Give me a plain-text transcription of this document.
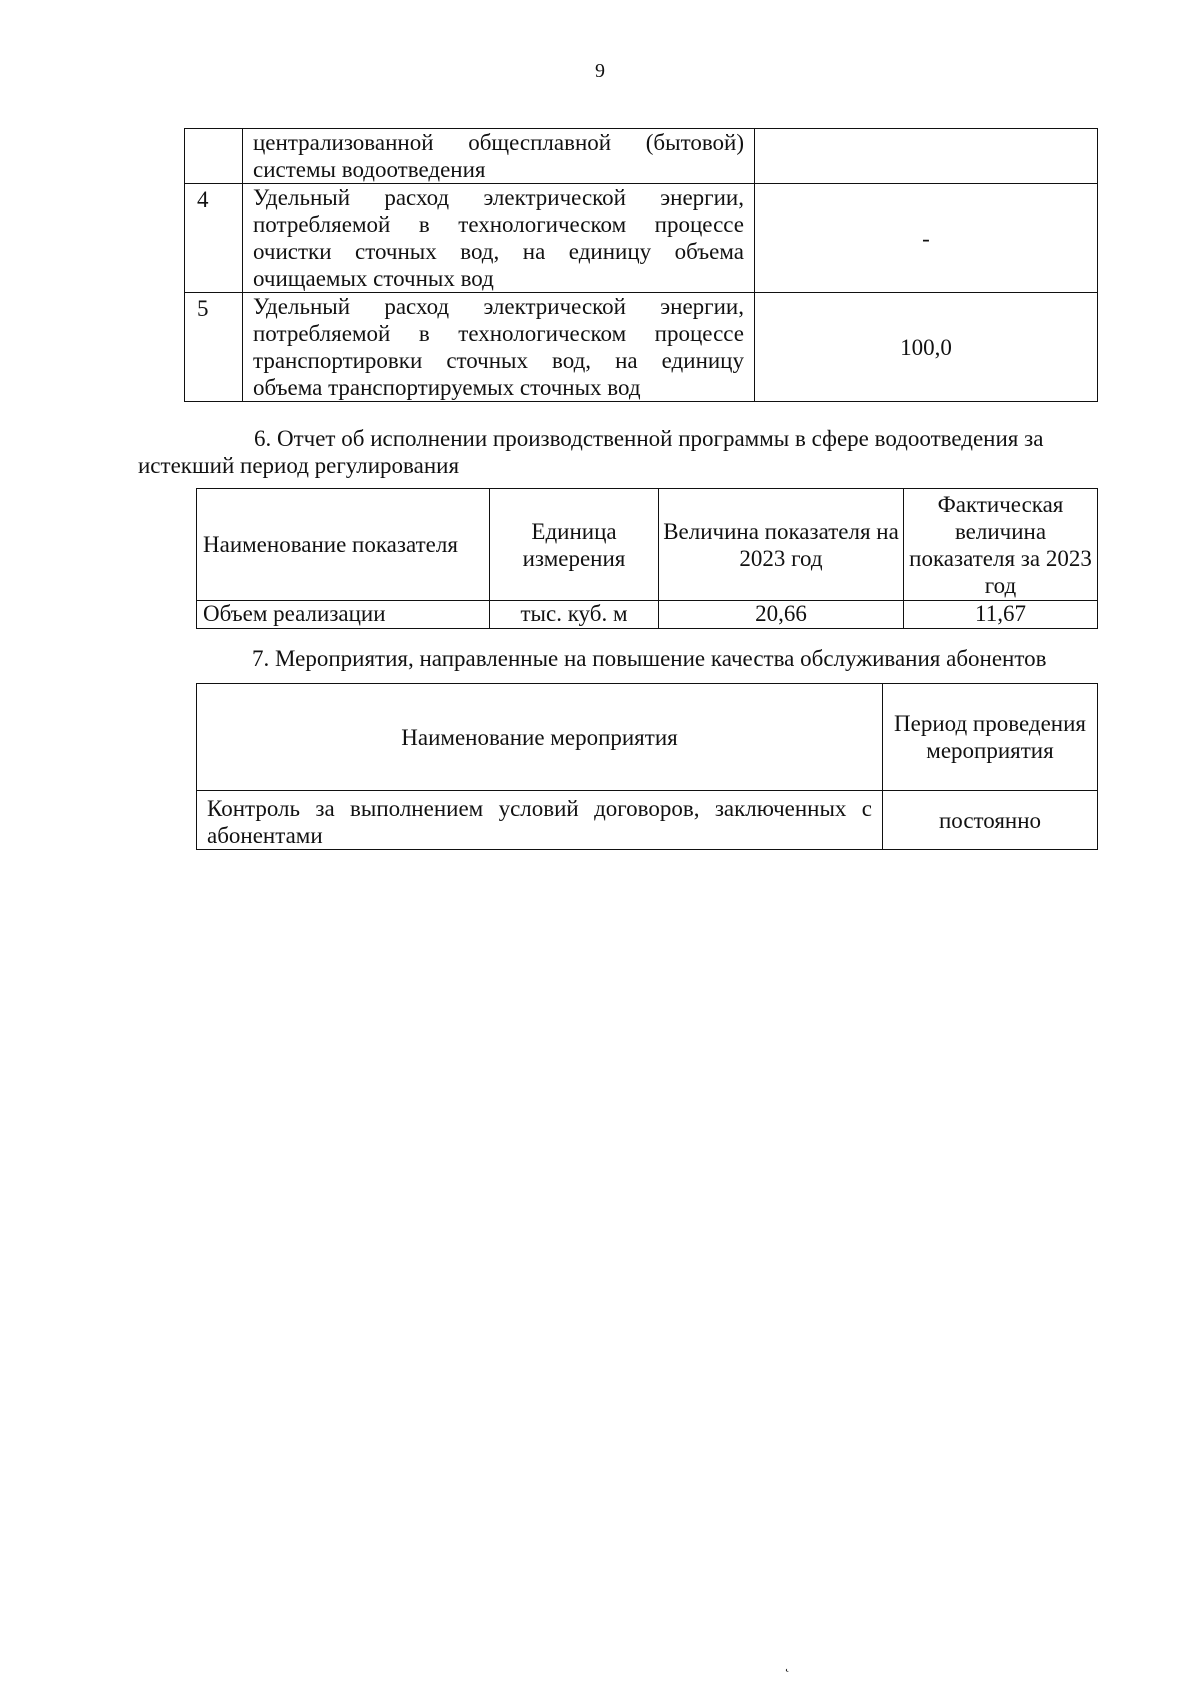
9
	централизованной общесплавной (бытовой)
системы водоотведения	

4	Удельный расход электрической энергии, потребляемой в технологическом процессе очистки сточных вод, на единицу объема
очищаемых сточных вод	-
5	Удельный расход электрической энергии, потребляемой в технологическом процессе транспортировки сточных вод, на единицу
объема транспортируемых сточных вод	100,0
6. Отчет об исполнении производственной программы в сфере водоотведения за
истекший период регулирования
Наименование показателя	Единица измерения	Величина показателя на 2023 год	Фактическая величина показателя за 2023 год
Объем реализации	тыс. куб. м	20,66	11,67
7. Мероприятия, направленные на повышение качества обслуживания абонентов
Наименование мероприятия	Период проведения мероприятия
Контроль за выполнением условий договоров, заключенных с абонентами	постоянно
˛
